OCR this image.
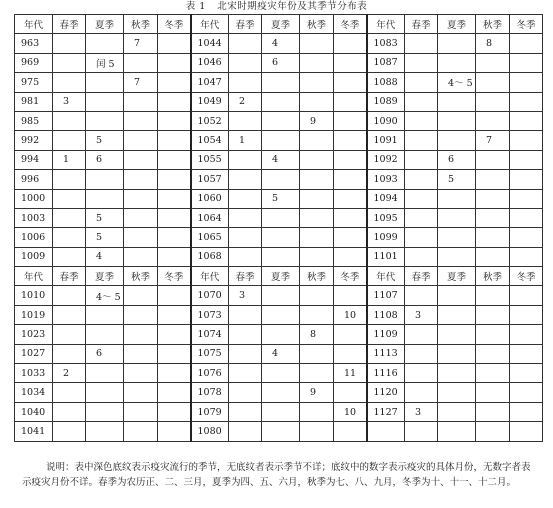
表 1 北宋时期疫灾年份及其季节分布表
年代	春季	夏季	秋季	冬季	年代	春季	夏季	秋季	冬季	年代	春季	夏季	秋季	冬季
963			7		1044		4			1083			8	
969		闰 5			1046		6			1087				
975			7		1047					1088		4～ 5		
981	3				1049	2				1089				
985					1052			9		1090				
992		5			1054	1				1091			7	
994	1	6			1055		4			1092		6		
996					1057					1093		5		
1000					1060		5			1094				
1003		5			1064					1095				
1006		5			1065					1099				
1009		4			1068					1101				
年代	春季	夏季	秋季	冬季	年代	春季	夏季	秋季	冬季	年代	春季	夏季	秋季	冬季
1010		4～ 5			1070	3				1107				
1019					1073				10	1108	3			
1023					1074			8		1109				
1027		6			1075		4			1113				
1033	2				1076				11	1116				
1034					1078			9		1120				
1040					1079				10	1127	3			
1041					1080									

说明：表中深色底纹表示疫灾流行的季节，无底纹者表示季节不详；底纹中的数字表示疫灾的具体月份，无数字者表示疫灾月份不详。春季为农历正、二、三月，夏季为四、五、六月，秋季为七、八、九月，冬季为十、十一、十二月。
